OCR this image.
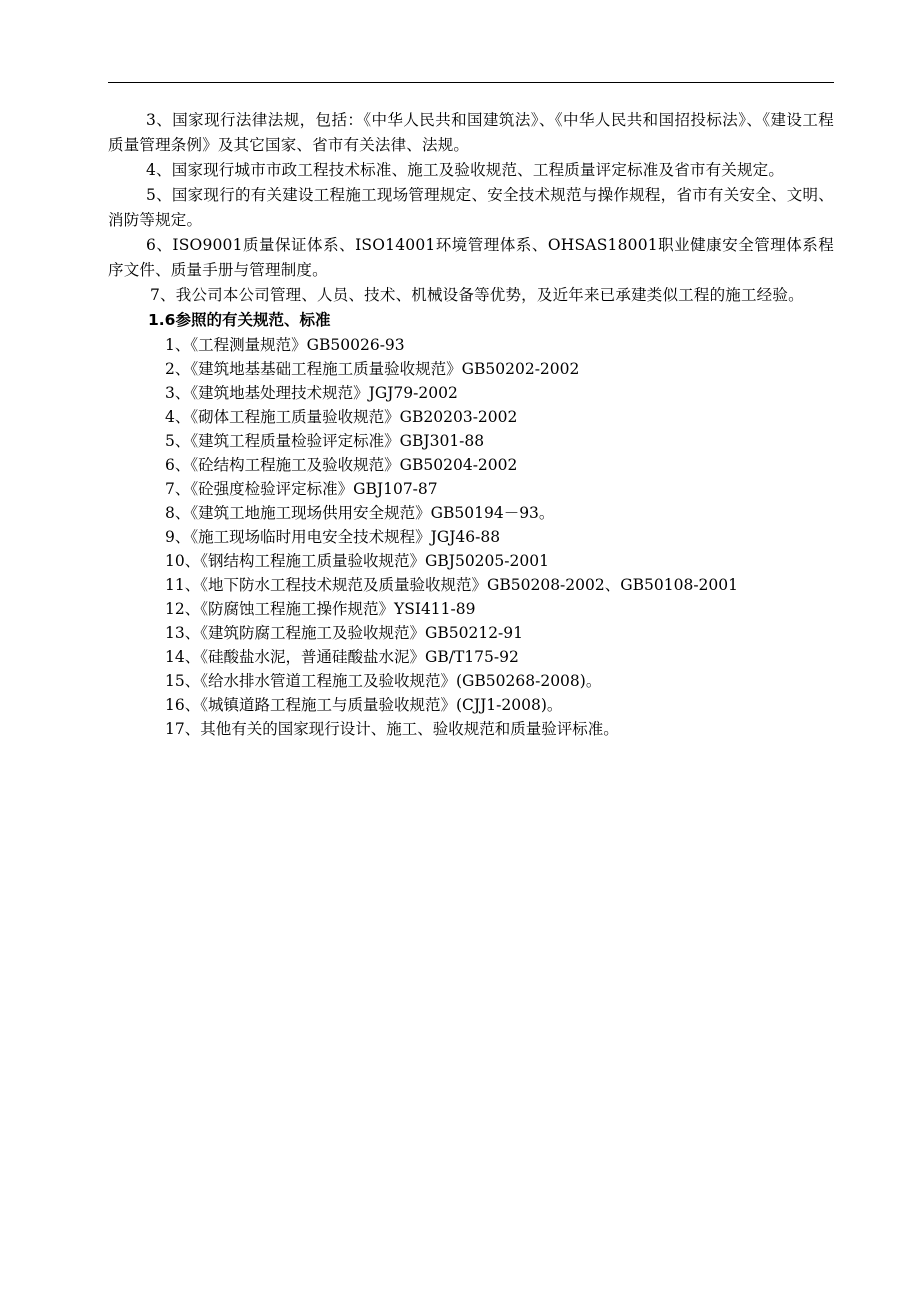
3、国家现行法律法规，包括：《中华人民共和国建筑法》、《中华人民共和国招投标法》、《建设工程质量管理条例》及其它国家、省市有关法律、法规。

4、国家现行城市市政工程技术标准、施工及验收规范、工程质量评定标准及省市有关规定。

5、国家现行的有关建设工程施工现场管理规定、安全技术规范与操作规程，省市有关安全、文明、消防等规定。

6、ISO9001质量保证体系、ISO14001环境管理体系、OHSAS18001职业健康安全管理体系程序文件、质量手册与管理制度。

7、我公司本公司管理、人员、技术、机械设备等优势，及近年来已承建类似工程的施工经验。

1.6参照的有关规范、标准
1、《工程测量规范》GB50026-93
2、《建筑地基基础工程施工质量验收规范》GB50202-2002
3、《建筑地基处理技术规范》JGJ79-2002
4、《砌体工程施工质量验收规范》GB20203-2002
5、《建筑工程质量检验评定标准》GBJ301-88
6、《砼结构工程施工及验收规范》GB50204-2002
7、《砼强度检验评定标准》GBJ107-87
8、《建筑工地施工现场供用安全规范》GB50194－93。
9、《施工现场临时用电安全技术规程》JGJ46-88
10、《钢结构工程施工质量验收规范》GBJ50205-2001
11、《地下防水工程技术规范及质量验收规范》GB50208-2002、GB50108-2001
12、《防腐蚀工程施工操作规范》YSI411-89
13、《建筑防腐工程施工及验收规范》GB50212-91
14、《硅酸盐水泥，普通硅酸盐水泥》GB/T175-92
15、《给水排水管道工程施工及验收规范》(GB50268-2008)。
16、《城镇道路工程施工与质量验收规范》(CJJ1-2008)。
17、其他有关的国家现行设计、施工、验收规范和质量验评标准。
